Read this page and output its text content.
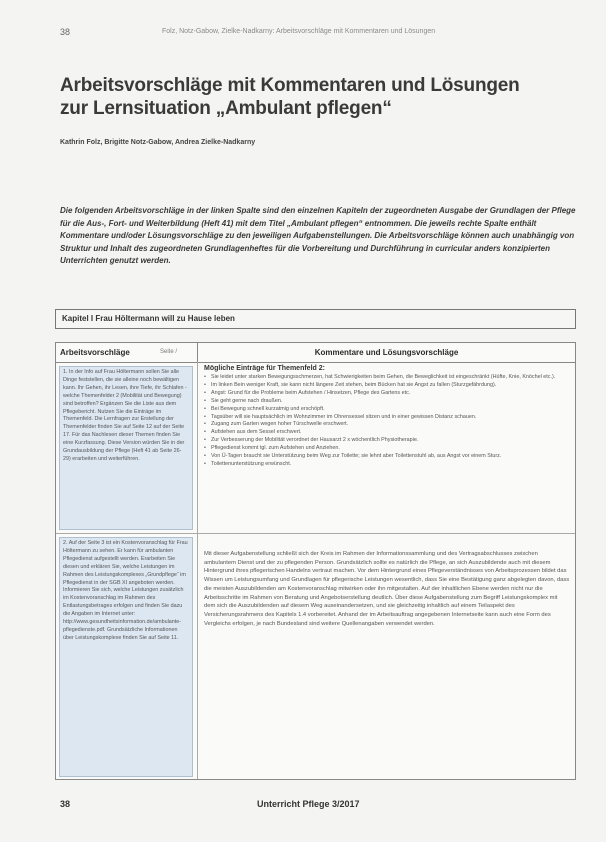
38	Folz, Notz-Gabow, Zielke-Nadkarny: Arbeitsvorschläge mit Kommentaren und Lösungen
Arbeitsvorschläge mit Kommentaren und Lösungen
zur Lernsituation „Ambulant pflegen“
Kathrin Folz, Brigitte Notz-Gabow, Andrea Zielke-Nadkarny

Die folgenden Arbeitsvorschläge in der linken Spalte sind den einzelnen Kapiteln der zugeordneten Ausgabe der Grundlagen der Pflege für die Aus-, Fort- und Weiterbildung (Heft 41) mit dem Titel „Ambulant pflegen“ entnommen. Die jeweils rechte Spalte enthält Kommentare und/oder Lösungsvorschläge zu den jeweiligen Aufgabenstellungen. Die Arbeitsvorschläge können auch unabhängig von Struktur und Inhalt des zugeordneten Grundlagenheftes für die Vorbereitung und Durchführung in curricular anders konzipierten Unterrichten genutzt werden.

Kapitel I Frau Höltermann will zu Hause leben
Arbeitsvorschläge	Seite /	Kommentare und Lösungsvorschläge

1. In der Info auf Frau Höltermann sollen Sie alle Dinge feststellen, die sie alleine noch bewältigen kann. Ihr Gehen, ihr Lesen, ihre Tiefe, ihr Schlafen - welche Themenfelder 2 (Mobilität und Bewegung) sind betroffen? Ergänzen Sie die Liste aus dem Pflegebericht. Nutzen Sie die Einträge im Themenfeld. Die Lernfragen zur Erstellung der Themenfelder finden Sie auf Seite 12 auf der Seite 17. Für das Nachlesen dieser Themen finden Sie eine Kurzfassung. Diese Version würden Sie in der Grundausbildung der Pflege (Heft 41 ab Seite 26-29) erarbeiten und weiterführen.

Mögliche Einträge für Themenfeld 2:
• Sie leidet unter starken Bewegungsschmerzen, hat Schwierigkeiten beim Gehen, die Beweglichkeit ist eingeschränkt (Hüfte, Knie, Knöchel etc.).
• Im linken Bein weniger Kraft, sie kann nicht längere Zeit stehen, beim Bücken hat sie Angst zu fallen (Sturzgefährdung).
• Angst: Grund für die Probleme beim Aufstehen / Hinsetzen, Pflege des Gartens etc.
• Sie geht gerne nach draußen.
• Bei Bewegung schnell kurzatmig und erschöpft.
• Tagsüber will sie hauptsächlich im Wohnzimmer im Ohrensessel sitzen und in einer gewissen Distanz schauen.
• Zugang zum Garten wegen hoher Türschwelle erschwert.
• Aufstehen aus dem Sessel erschwert.
• Zur Verbesserung der Mobilität verordnet der Hausarzt 2 x wöchentlich Physiotherapie.
• Pflegedienst kommt tgl. zum Aufstehen und Anziehen.
• Von Ü-Tagen braucht sie Unterstützung beim Weg zur Toilette; sie lehnt aber Toilettenstuhl ab, aus Angst vor einem Sturz.
• Toilettenunterstützung erwünscht.

2. Auf der Seite 3 ist ein Kostenvoranschlag für Frau Höltermann zu sehen. Er kann für ambulanten Pflegedienst aufgestellt werden. Erarbeiten Sie diesen und erklären Sie, welche Leistungen im Rahmen des Leistungskomplexes „Grundpflege“ im Pflegedienst in der SGB XI angeboten werden. Informieren Sie sich, welche Leistungen zusätzlich im Kostenvoranschlag im Rahmen des Entlastungsbetrages erfolgen und finden Sie dazu die Angaben im Internet unter: http://www.gesundheitsinformation.de/ambulante-pflegedienste.pdf. Grundsätzliche Informationen über Leistungskomplexe finden Sie auf Seite 11.

Mit dieser Aufgabenstellung schließt sich der Kreis im Rahmen der Informationssammlung und des Vertragsabschlusses zwischen ambulantem Dienst und der zu pflegenden Person. Grundsätzlich sollte es natürlich die Pflege, an sich Auszubildende auch mit diesem Hintergrund ihres pflegerischen Handelns vertraut machen. Vor dem Hintergrund eines Pflegeverständnisses von Arbeitsprozessen bildet das Wissen um Leistungsumfang und Grundlagen für pflegerische Leistungen wesentlich, dass Sie eine Bestätigung ganz abgelegten davon, dass die meisten Auszubildenden am Kostenvoranschlag mitwirken oder ihn mitgestalten. Auf der inhaltlichen Ebene werden nicht nur die Arbeitsschritte im Rahmen von Beratung und Angebotserstellung deutlich. Über diese Aufgabenstellung zum Begriff Leistungskomplex mit dem sich die Auszubildenden auf diesem Weg auseinandersetzen, und sie gleichzeitig inhaltlich auf einem Teilaspekt des Versicherungsrahmens des Kapitels 1.4 vorbereitet. Anhand der im Arbeitsauftrag angegebenen Internetseite kann auch eine Form des Vergleichs erfolgen, je nach Bundesland sind weitere Quellenangaben verwendet werden.

38	Unterricht Pflege 3/2017
